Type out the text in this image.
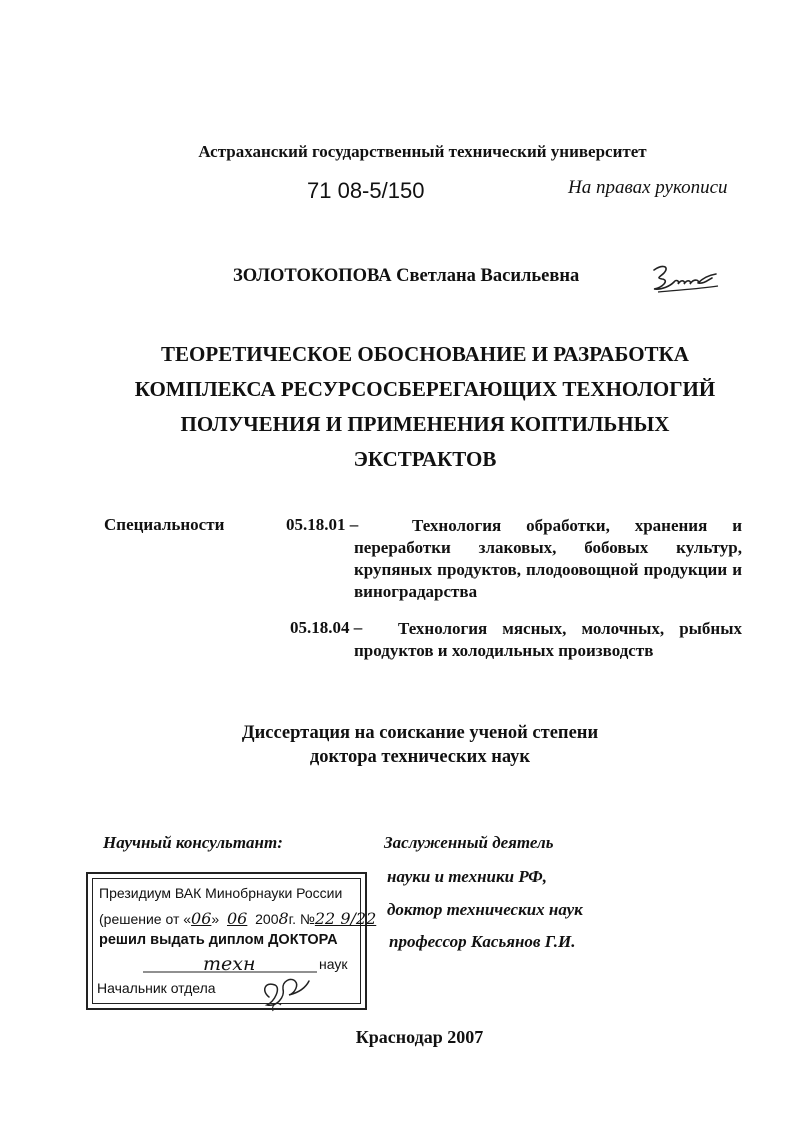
Астраханский государственный технический университет
71 08-5/150	На правах рукописи
ЗОЛОТОКОПОВА Светлана Васильевна
ТЕОРЕТИЧЕСКОЕ ОБОСНОВАНИЕ И РАЗРАБОТКА
КОМПЛЕКСА РЕСУРСОСБЕРЕГАЮЩИХ ТЕХНОЛОГИЙ
ПОЛУЧЕНИЯ И ПРИМЕНЕНИЯ КОПТИЛЬНЫХ
ЭКСТРАКТОВ
Специальности	05.18.01 –	Технология обработки, хранения и переработки злаковых, бобовых культур, крупяных продуктов, плодоовощной продукции и виноградарства
05.18.04 –	Технология мясных, молочных, рыбных продуктов и холодильных производств
Диссертация на соискание ученой степени
доктора технических наук
Научный консультант:	Заслуженный деятель
науки и техники РФ,
доктор технических наук
профессор Касьянов Г.И.
Президиум ВАК Минобрнауки России
(решение от «06» 06 2008г. №22 9/22
решил выдать диплом ДОКТОРА
техн	наук
Начальник отдела
Краснодар 2007
